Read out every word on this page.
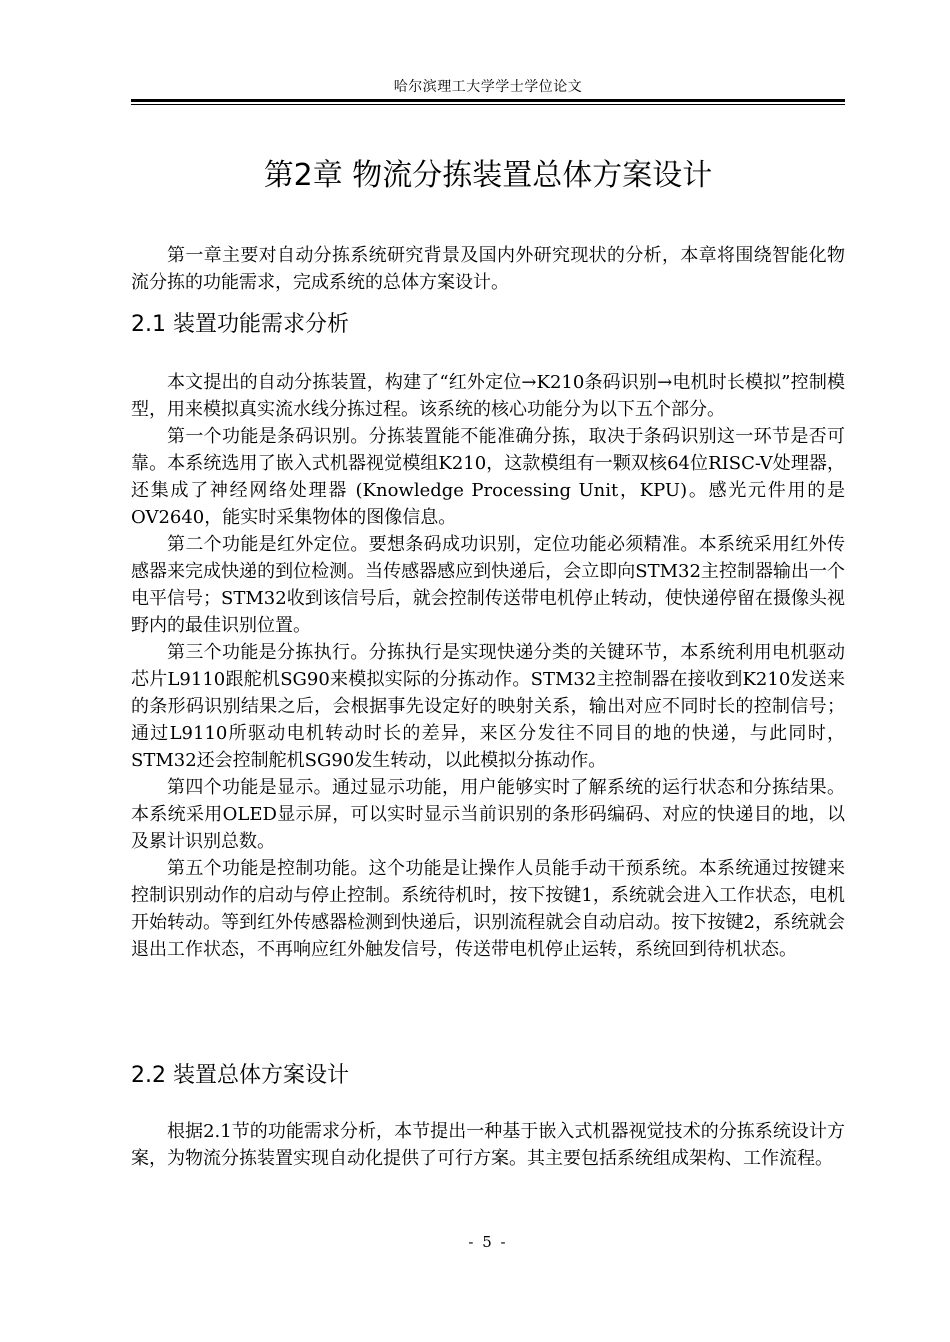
哈尔滨理工大学学士学位论文
第2章 物流分拣装置总体方案设计

第一章主要对自动分拣系统研究背景及国内外研究现状的分析，本章将围绕智能化物流分拣的功能需求，完成系统的总体方案设计。

2.1 装置功能需求分析

本文提出的自动分拣装置，构建了“红外定位→K210条码识别→电机时长模拟”控制模型，用来模拟真实流水线分拣过程。该系统的核心功能分为以下五个部分。

第一个功能是条码识别。分拣装置能不能准确分拣，取决于条码识别这一环节是否可靠。本系统选用了嵌入式机器视觉模组K210，这款模组有一颗双核64位RISC-V处理器，还集成了神经网络处理器 (Knowledge Processing Unit，KPU)。感光元件用的是OV2640，能实时采集物体的图像信息。

第二个功能是红外定位。要想条码成功识别，定位功能必须精准。本系统采用红外传感器来完成快递的到位检测。当传感器感应到快递后，会立即向STM32主控制器输出一个电平信号；STM32收到该信号后，就会控制传送带电机停止转动，使快递停留在摄像头视野内的最佳识别位置。

第三个功能是分拣执行。分拣执行是实现快递分类的关键环节，本系统利用电机驱动芯片L9110跟舵机SG90来模拟实际的分拣动作。STM32主控制器在接收到K210发送来的条形码识别结果之后，会根据事先设定好的映射关系，输出对应不同时长的控制信号；通过L9110所驱动电机转动时长的差异，来区分发往不同目的地的快递，与此同时，STM32还会控制舵机SG90发生转动，以此模拟分拣动作。

第四个功能是显示。通过显示功能，用户能够实时了解系统的运行状态和分拣结果。本系统采用OLED显示屏，可以实时显示当前识别的条形码编码、对应的快递目的地，以及累计识别总数。

第五个功能是控制功能。这个功能是让操作人员能手动干预系统。本系统通过按键来控制识别动作的启动与停止控制。系统待机时，按下按键1，系统就会进入工作状态，电机开始转动。等到红外传感器检测到快递后，识别流程就会自动启动。按下按键2，系统就会退出工作状态，不再响应红外触发信号，传送带电机停止运转，系统回到待机状态。

2.2 装置总体方案设计

根据2.1节的功能需求分析，本节提出一种基于嵌入式机器视觉技术的分拣系统设计方案，为物流分拣装置实现自动化提供了可行方案。其主要包括系统组成架构、工作流程。

- 5 -
